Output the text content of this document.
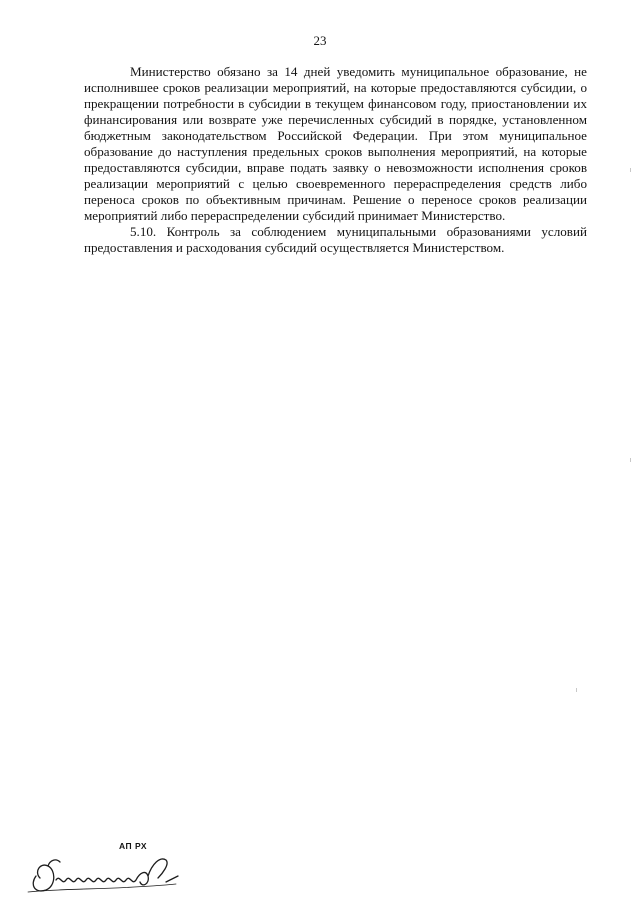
23

Министерство обязано за 14 дней уведомить муниципальное образование, не исполнившее сроков реализации мероприятий, на которые предоставляются субсидии, о прекращении потребности в субсидии в текущем финансовом году, приостановлении их финансирования или возврате уже перечисленных субсидий в порядке, установленном бюджетным законодательством Российской Федерации. При этом муниципальное образование до наступления предельных сроков выполнения мероприятий, на которые предоставляются субсидии, вправе подать заявку о невозможности исполнения сроков реализации мероприятий с целью своевременного перераспределения средств либо переноса сроков по объективным причинам. Решение о переносе сроков реализации мероприятий либо перераспределении субсидий принимает Министерство.

5.10. Контроль за соблюдением муниципальными образованиями условий предоставления и расходования субсидий осуществляется Министерством.

АП РХ
